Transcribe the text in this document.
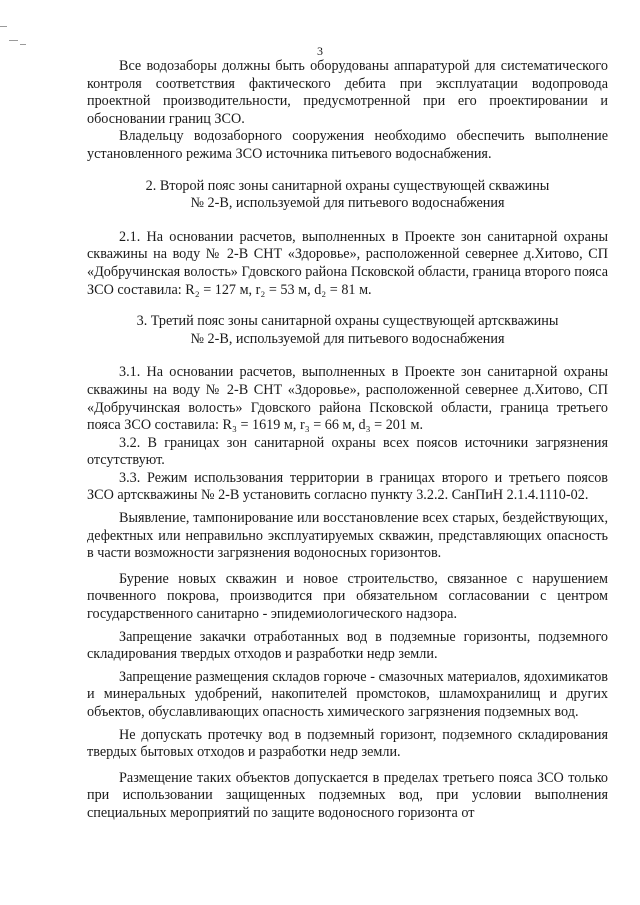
3

Все водозаборы должны быть оборудованы аппаратурой для систематического контроля соответствия фактического дебита при эксплуатации водопровода проектной производительности, предусмотренной при его проектировании и обосновании границ ЗСО.

Владельцу водозаборного сооружения необходимо обеспечить выполнение установленного режима ЗСО источника питьевого водоснабжения.

2. Второй пояс зоны санитарной охраны существующей скважины
№ 2-В, используемой для питьевого водоснабжения

2.1. На основании расчетов, выполненных в Проекте зон санитарной охраны скважины на воду № 2-В СНТ «Здоровье», расположенной севернее д.Хитово, СП «Добручинская волость» Гдовского района Псковской области, граница второго пояса ЗСО составила: R₂ = 127 м, r₂ = 53 м, d₂ = 81 м.

3. Третий пояс зоны санитарной охраны существующей артскважины
№ 2-В, используемой для питьевого водоснабжения

3.1. На основании расчетов, выполненных в Проекте зон санитарной охраны скважины на воду № 2-В СНТ «Здоровье», расположенной севернее д.Хитово, СП «Добручинская волость» Гдовского района Псковской области, граница третьего пояса ЗСО составила: R₃ = 1619 м, r₃ = 66 м, d₃ = 201 м.

3.2. В границах зон санитарной охраны всех поясов источники загрязнения отсутствуют.

3.3. Режим использования территории в границах второго и третьего поясов ЗСО артскважины № 2-В установить согласно пункту 3.2.2. СанПиН 2.1.4.1110-02.

Выявление, тампонирование или восстановление всех старых, бездействующих, дефектных или неправильно эксплуатируемых скважин, представляющих опасность в части возможности загрязнения водоносных горизонтов.

Бурение новых скважин и новое строительство, связанное с нарушением почвенного покрова, производится при обязательном согласовании с центром государственного санитарно - эпидемиологического надзора.

Запрещение закачки отработанных вод в подземные горизонты, подземного складирования твердых отходов и разработки недр земли.

Запрещение размещения складов горюче - смазочных материалов, ядохимикатов и минеральных удобрений, накопителей промстоков, шламохранилищ и других объектов, обуславливающих опасность химического загрязнения подземных вод.

Не допускать протечку вод в подземный горизонт, подземного складирования твердых бытовых отходов и разработки недр земли.

Размещение таких объектов допускается в пределах третьего пояса ЗСО только при использовании защищенных подземных вод, при условии выполнения специальных мероприятий по защите водоносного горизонта от
